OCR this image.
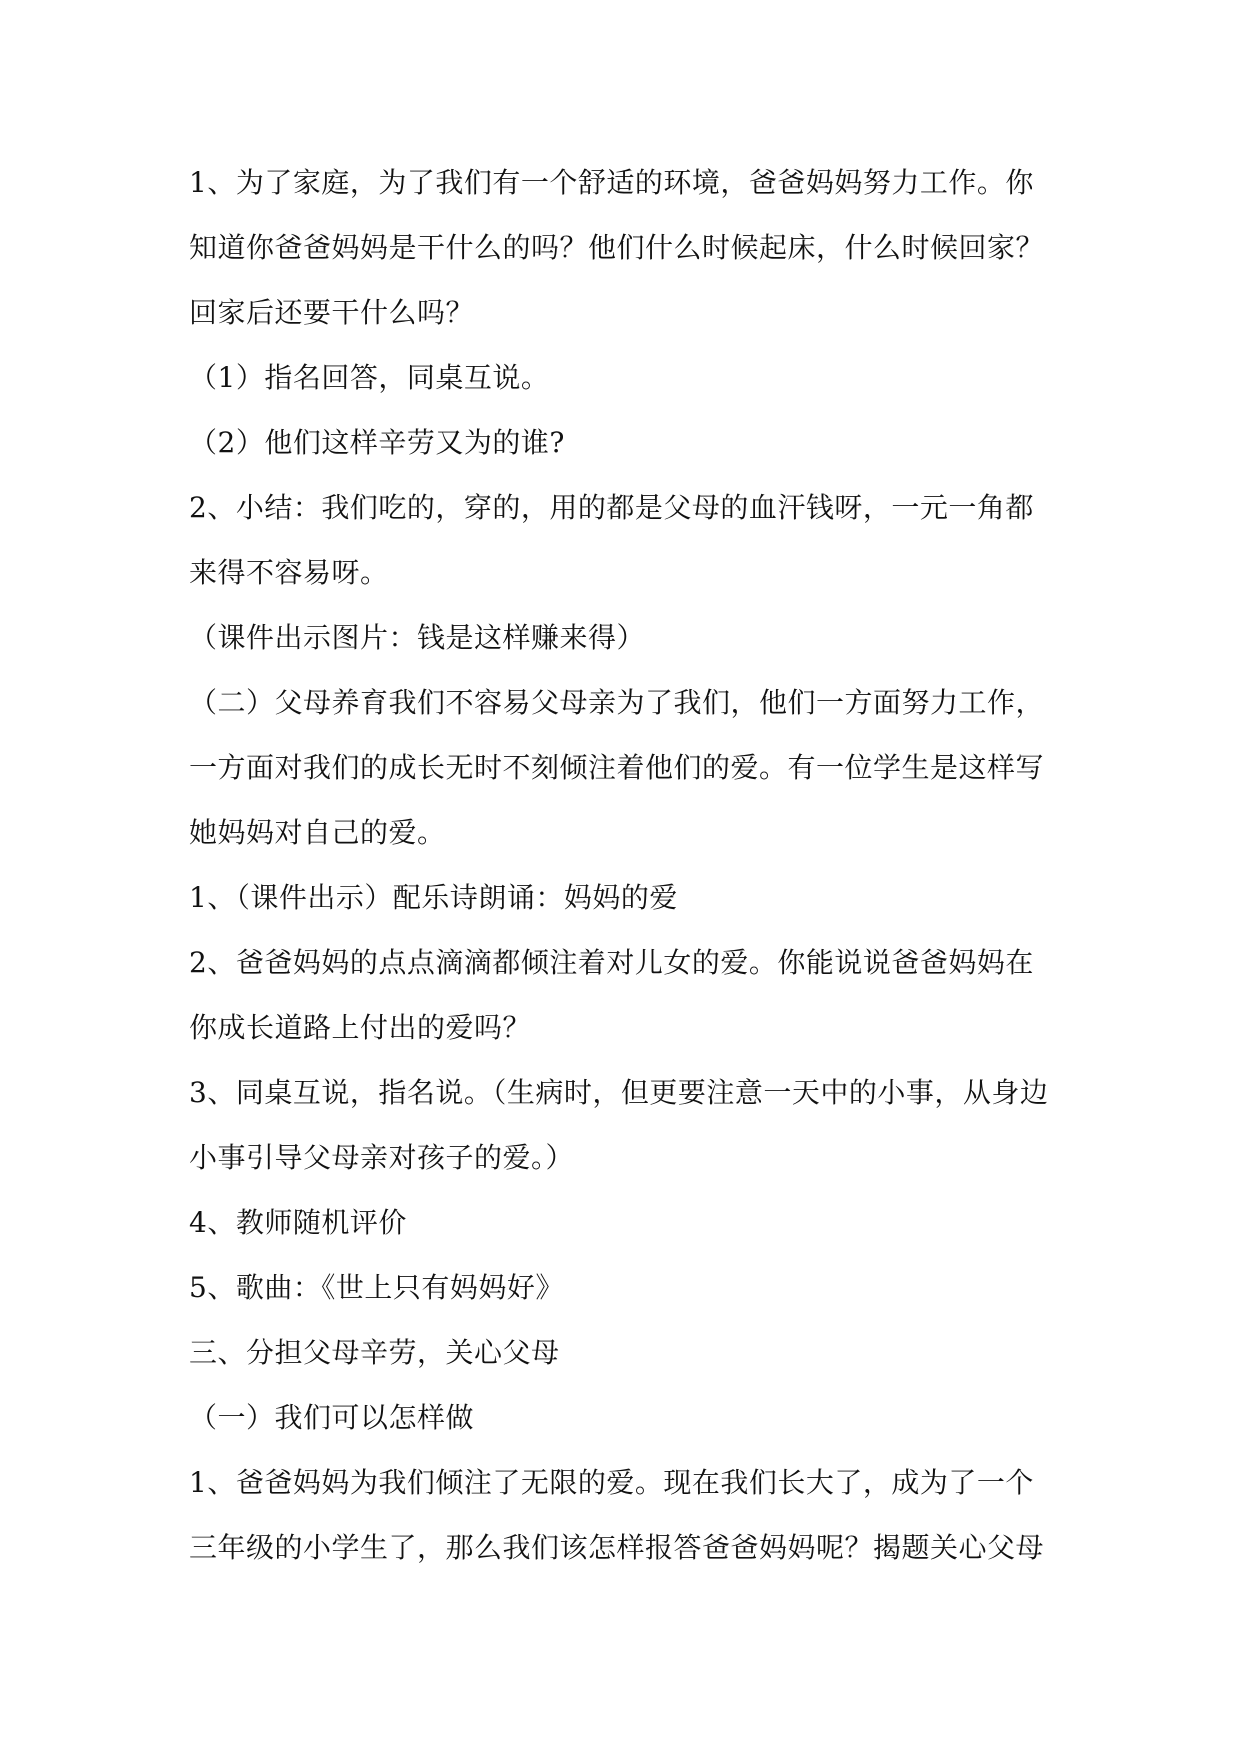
1、为了家庭，为了我们有一个舒适的环境，爸爸妈妈努力工作。你
知道你爸爸妈妈是干什么的吗？他们什么时候起床，什么时候回家？
回家后还要干什么吗？
（1）指名回答，同桌互说。
（2）他们这样辛劳又为的谁?
2、小结：我们吃的，穿的，用的都是父母的血汗钱呀，一元一角都
来得不容易呀。
（课件出示图片：钱是这样赚来得）
（二）父母养育我们不容易父母亲为了我们，他们一方面努力工作，
一方面对我们的成长无时不刻倾注着他们的爱。有一位学生是这样写
她妈妈对自己的爱。
1、（课件出示）配乐诗朗诵：妈妈的爱
2、爸爸妈妈的点点滴滴都倾注着对儿女的爱。你能说说爸爸妈妈在
你成长道路上付出的爱吗？
3、同桌互说，指名说。（生病时，但更要注意一天中的小事，从身边
小事引导父母亲对孩子的爱。）
4、教师随机评价
5、歌曲：《世上只有妈妈好》
三、分担父母辛劳，关心父母
（一）我们可以怎样做
1、爸爸妈妈为我们倾注了无限的爱。现在我们长大了，成为了一个
三年级的小学生了，那么我们该怎样报答爸爸妈妈呢？揭题关心父母
